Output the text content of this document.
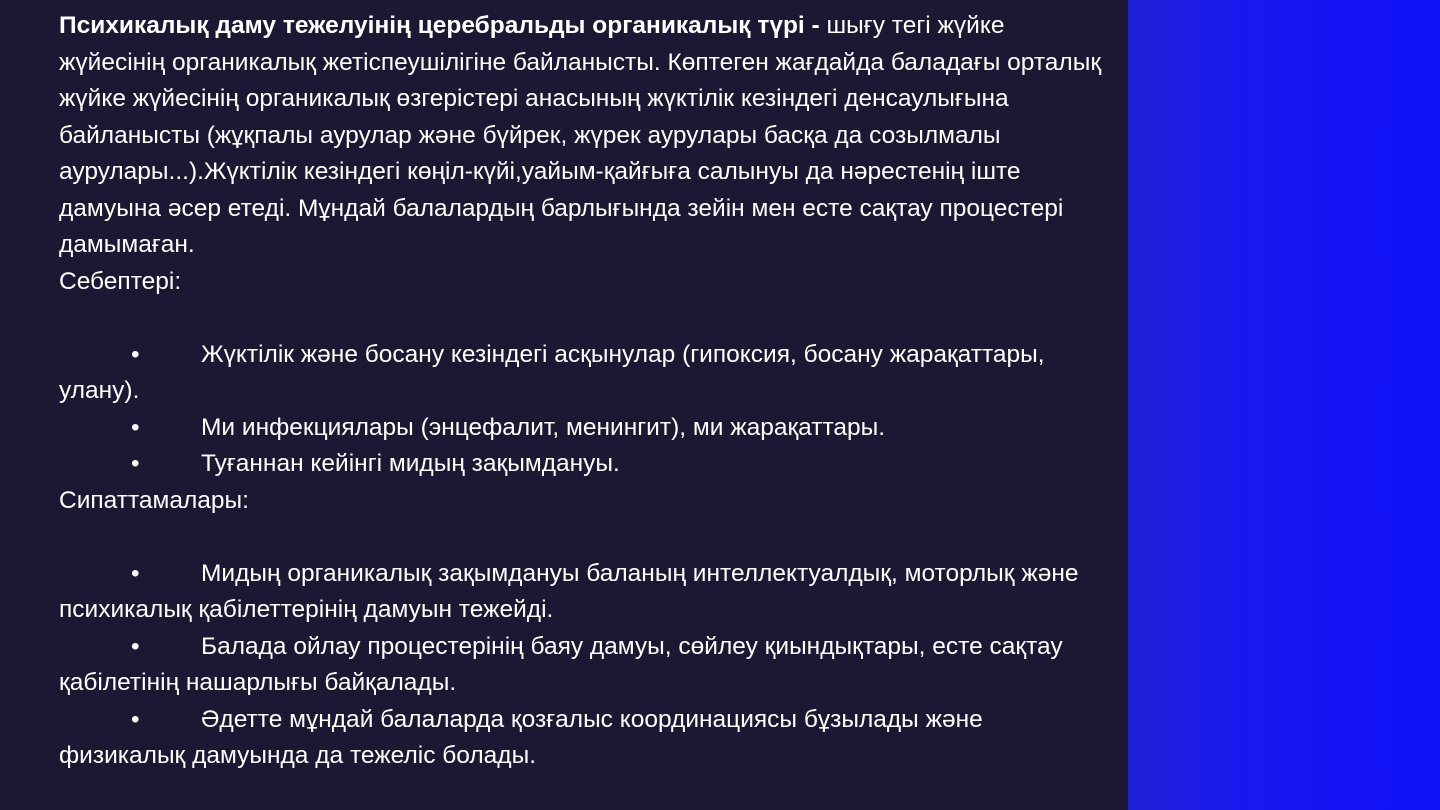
Психикалық даму тежелуінің церебральды органикалық түрі - шығу тегі жүйке жүйесінің органикалық жетіспеушілігіне байланысты. Көптеген жағдайда баладағы орталық жүйке жүйесінің органикалық өзгерістері анасының жүктілік кезіндегі денсаулығына байланысты (жұқпалы аурулар және бүйрек, жүрек аурулары басқа да созылмалы аурулары...).Жүктілік кезіндегі көңіл-күйі,уайым-қайғыға салынуы да нәрестенің іште дамуына әсер етеді. Мұндай балалардың барлығында зейін мен есте сақтау процестері дамымаған.

Себептері:

•	Жүктілік және босану кезіндегі асқынулар (гипоксия, босану жарақаттары, улану).

•	Ми инфекциялары (энцефалит, менингит), ми жарақаттары.

•	Туғаннан кейінгі мидың зақымдануы.

Сипаттамалары:

•	Мидың органикалық зақымдануы баланың интеллектуалдық, моторлық және психикалық қабілеттерінің дамуын тежейді.

•	Балада ойлау процестерінің баяу дамуы, сөйлеу қиындықтары, есте сақтау қабілетінің нашарлығы байқалады.

•	Әдетте мұндай балаларда қозғалыс координациясы бұзылады және физикалық дамуында да тежеліс болады.
